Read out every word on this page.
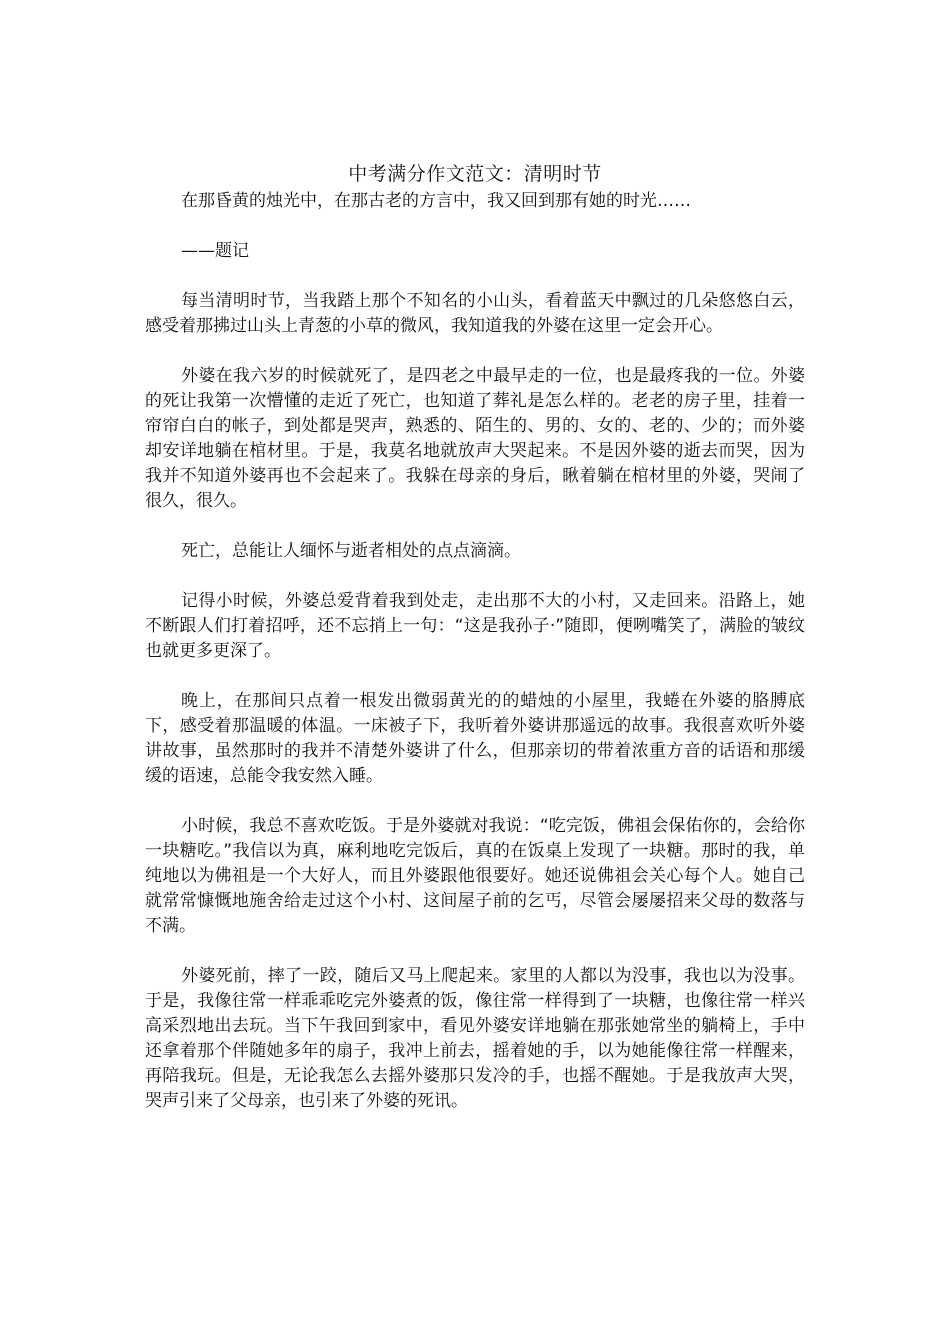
中考满分作文范文：清明时节

在那昏黄的烛光中，在那古老的方言中，我又回到那有她的时光……

——题记

每当清明时节，当我踏上那个不知名的小山头，看着蓝天中飘过的几朵悠悠白云，感受着那拂过山头上青葱的小草的微风，我知道我的外婆在这里一定会开心。

外婆在我六岁的时候就死了，是四老之中最早走的一位，也是最疼我的一位。外婆的死让我第一次懵懂的走近了死亡，也知道了葬礼是怎么样的。老老的房子里，挂着一帘帘白白的帐子，到处都是哭声，熟悉的、陌生的、男的、女的、老的、少的；而外婆却安详地躺在棺材里。于是，我莫名地就放声大哭起来。不是因外婆的逝去而哭，因为我并不知道外婆再也不会起来了。我躲在母亲的身后，瞅着躺在棺材里的外婆，哭闹了很久，很久。

死亡，总能让人缅怀与逝者相处的点点滴滴。

记得小时候，外婆总爱背着我到处走，走出那不大的小村，又走回来。沿路上，她不断跟人们打着招呼，还不忘捎上一句：“这是我孙子·”随即，便咧嘴笑了，满脸的皱纹也就更多更深了。

晚上，在那间只点着一根发出微弱黄光的的蜡烛的小屋里，我蜷在外婆的胳膊底下，感受着那温暖的体温。一床被子下，我听着外婆讲那遥远的故事。我很喜欢听外婆讲故事，虽然那时的我并不清楚外婆讲了什么，但那亲切的带着浓重方音的话语和那缓缓的语速，总能令我安然入睡。

小时候，我总不喜欢吃饭。于是外婆就对我说：“吃完饭，佛祖会保佑你的，会给你一块糖吃。”我信以为真，麻利地吃完饭后，真的在饭桌上发现了一块糖。那时的我，单纯地以为佛祖是一个大好人，而且外婆跟他很要好。她还说佛祖会关心每个人。她自己就常常慷慨地施舍给走过这个小村、这间屋子前的乞丐，尽管会屡屡招来父母的数落与不满。

外婆死前，摔了一跤，随后又马上爬起来。家里的人都以为没事，我也以为没事。于是，我像往常一样乖乖吃完外婆煮的饭，像往常一样得到了一块糖，也像往常一样兴高采烈地出去玩。当下午我回到家中，看见外婆安详地躺在那张她常坐的躺椅上，手中还拿着那个伴随她多年的扇子，我冲上前去，摇着她的手，以为她能像往常一样醒来，再陪我玩。但是，无论我怎么去摇外婆那只发冷的手，也摇不醒她。于是我放声大哭，哭声引来了父母亲，也引来了外婆的死讯。
